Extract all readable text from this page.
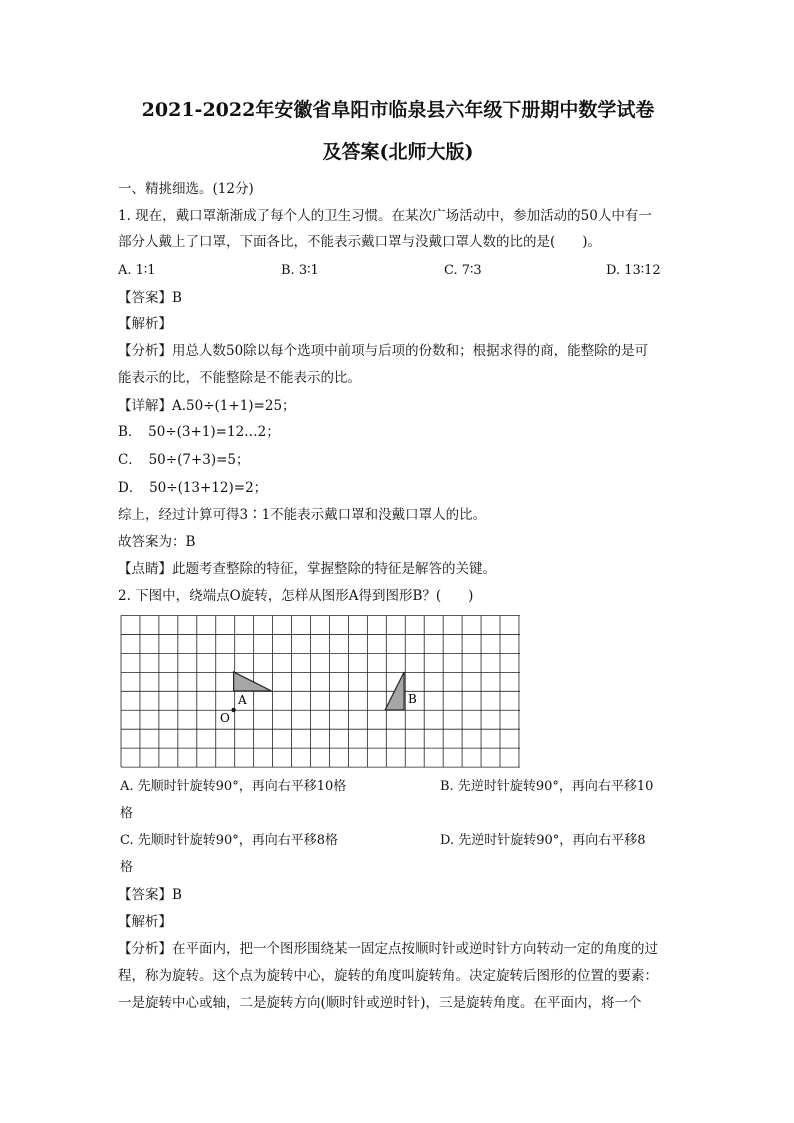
2021-2022年安徽省阜阳市临泉县六年级下册期中数学试卷
及答案(北师大版)
一、精挑细选。(12分)
1. 现在，戴口罩渐渐成了每个人的卫生习惯。在某次广场活动中，参加活动的50人中有一
部分人戴上了口罩，下面各比，不能表示戴口罩与没戴口罩人数的比的是(　　)。
A. 1∶1	B. 3∶1	C. 7∶3	D. 13∶12
【答案】B
【解析】
【分析】用总人数50除以每个选项中前项与后项的份数和；根据求得的商，能整除的是可
能表示的比，不能整除是不能表示的比。
【详解】A.50÷(1+1)=25；
B．　50÷(3+1)=12…2；
C．　50÷(7+3)=5；
D．　50÷(13+12)=2；
综上，经过计算可得3∶1不能表示戴口罩和没戴口罩人的比。
故答案为：B
【点睛】此题考查整除的特征，掌握整除的特征是解答的关键。
2. 下图中，绕端点O旋转，怎样从图形A得到图形B？(　　)
A	B
O
A. 先顺时针旋转90°，再向右平移10格	B. 先逆时针旋转90°，再向右平移10
格
C. 先顺时针旋转90°，再向右平移8格	D. 先逆时针旋转90°，再向右平移8
格
【答案】B
【解析】
【分析】在平面内，把一个图形围绕某一固定点按顺时针或逆时针方向转动一定的角度的过
程，称为旋转。这个点为旋转中心，旋转的角度叫旋转角。决定旋转后图形的位置的要素：
一是旋转中心或轴，二是旋转方向(顺时针或逆时针)，三是旋转角度。在平面内，将一个
